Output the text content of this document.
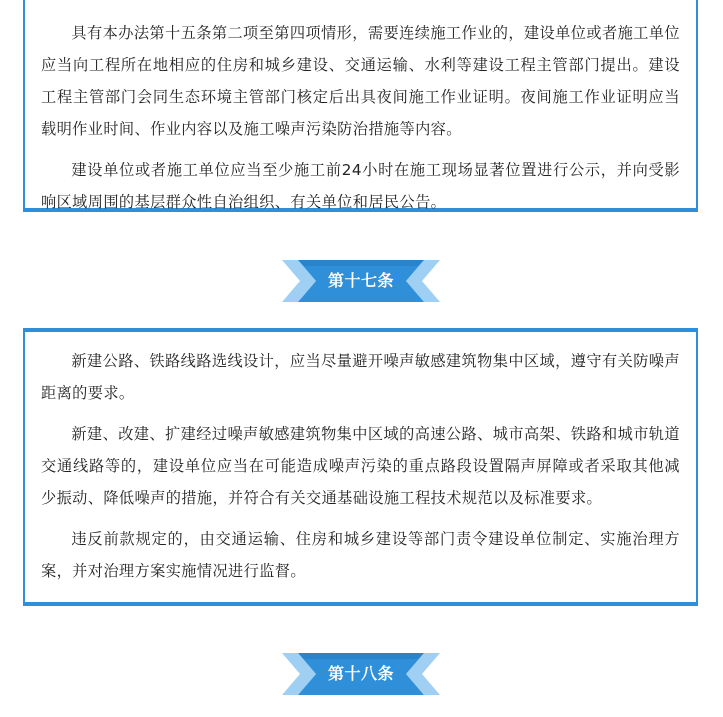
具有本办法第十五条第二项至第四项情形，需要连续施工作业的，建设单位或者施工单位应当向工程所在地相应的住房和城乡建设、交通运输、水利等建设工程主管部门提出。建设工程主管部门会同生态环境主管部门核定后出具夜间施工作业证明。夜间施工作业证明应当载明作业时间、作业内容以及施工噪声污染防治措施等内容。

建设单位或者施工单位应当至少施工前24小时在施工现场显著位置进行公示，并向受影响区域周围的基层群众性自治组织、有关单位和居民公告。

第十七条

新建公路、铁路线路选线设计，应当尽量避开噪声敏感建筑物集中区域，遵守有关防噪声距离的要求。

新建、改建、扩建经过噪声敏感建筑物集中区域的高速公路、城市高架、铁路和城市轨道交通线路等的，建设单位应当在可能造成噪声污染的重点路段设置隔声屏障或者采取其他减少振动、降低噪声的措施，并符合有关交通基础设施工程技术规范以及标准要求。

违反前款规定的，由交通运输、住房和城乡建设等部门责令建设单位制定、实施治理方案，并对治理方案实施情况进行监督。

第十八条
